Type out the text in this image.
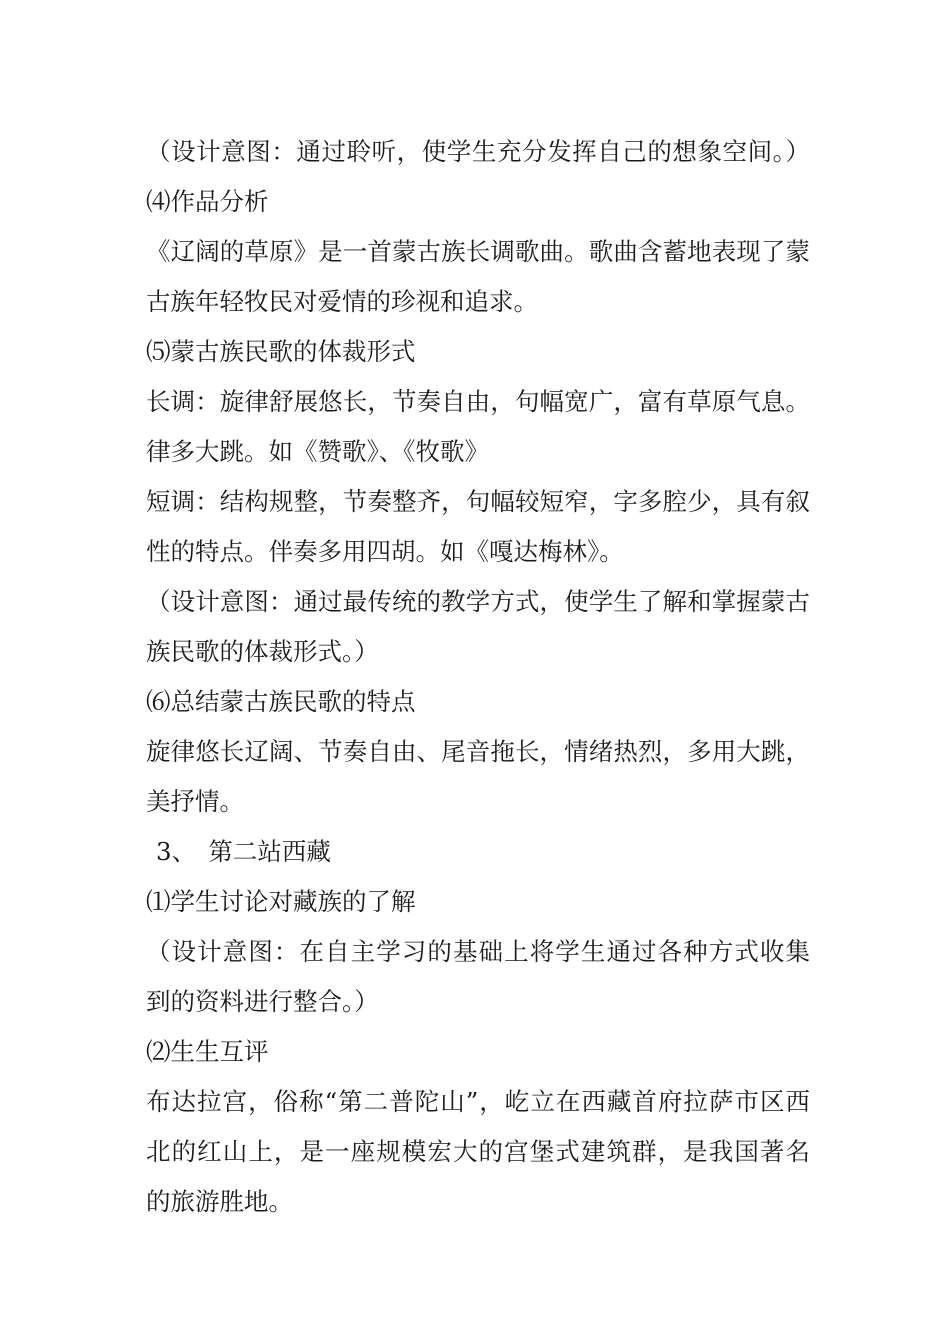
（设计意图：通过聆听，使学生充分发挥自己的想象空间。）
⑷作品分析
《辽阔的草原》是一首蒙古族长调歌曲。歌曲含蓄地表现了蒙
古族年轻牧民对爱情的珍视和追求。
⑸蒙古族民歌的体裁形式
长调：旋律舒展悠长，节奏自由，句幅宽广，富有草原气息。
律多大跳。如《赞歌》、《牧歌》
短调：结构规整，节奏整齐，句幅较短窄，字多腔少，具有叙
性的特点。伴奏多用四胡。如《嘎达梅林》。
（设计意图：通过最传统的教学方式，使学生了解和掌握蒙古
族民歌的体裁形式。）
⑹总结蒙古族民歌的特点
旋律悠长辽阔、节奏自由、尾音拖长，情绪热烈，多用大跳，
美抒情。
3、　第二站西藏
⑴学生讨论对藏族的了解
（设计意图：在自主学习的基础上将学生通过各种方式收集
到的资料进行整合。）
⑵生生互评
布达拉宫，俗称“第二普陀山”，屹立在西藏首府拉萨市区西
北的红山上，是一座规模宏大的宫堡式建筑群，是我国著名
的旅游胜地。
